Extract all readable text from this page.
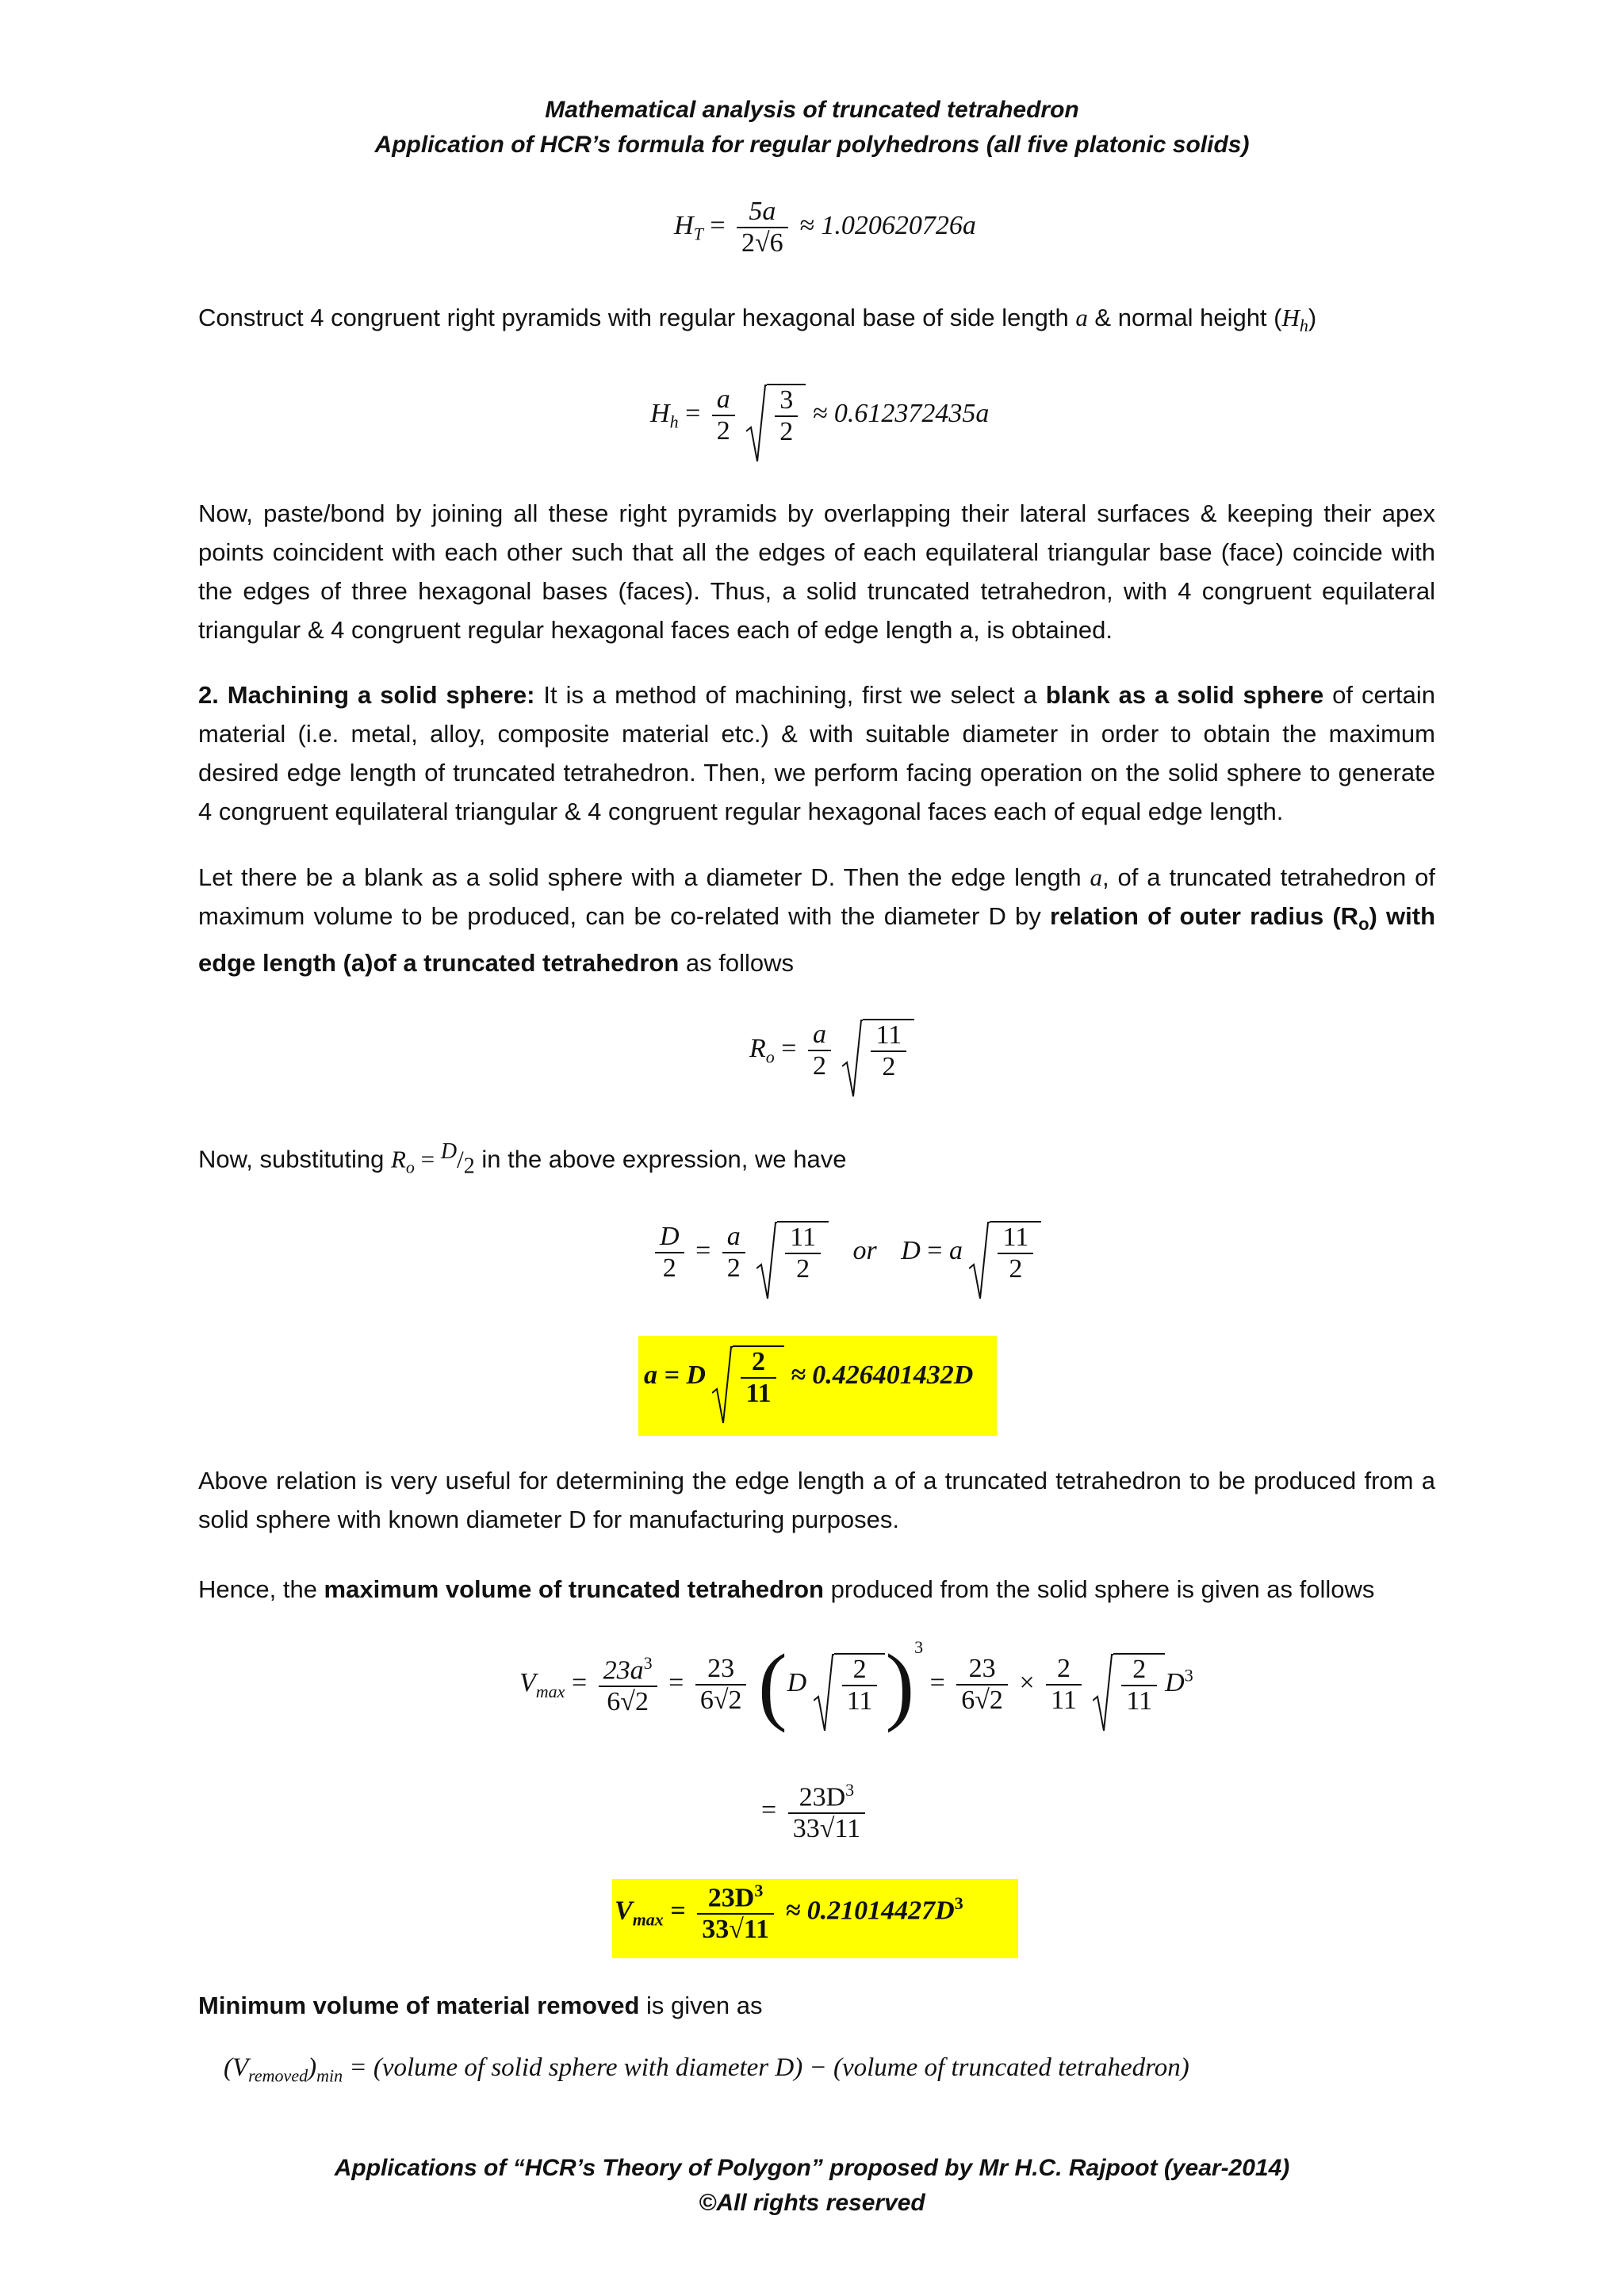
Mathematical analysis of truncated tetrahedron
Application of HCR’s formula for regular polyhedrons (all five platonic solids)
$H_T = \frac{5a}{2√6} \approx 1.020620726a$
Construct 4 congruent right pyramids with regular hexagonal base of side length a & normal height $(H_h)$
$H_h = \frac{a}{2}$
$\frac{3}{2} \approx 0.612372435a$
Now, paste/bond by joining all these right pyramids by overlapping their lateral surfaces & keeping their apex points coincident with each other such that all the edges of each equilateral triangular base (face) coincide with the edges of three hexagonal bases (faces). Thus, a solid truncated tetrahedron, with 4 congruent equilateral triangular & 4 congruent regular hexagonal faces each of edge length a, is obtained.
2. Machining a solid sphere: It is a method of machining, first we select a blank as a solid sphere of certain material (i.e. metal, alloy, composite material etc.) & with suitable diameter in order to obtain the maximum desired edge length of truncated tetrahedron. Then, we perform facing operation on the solid sphere to generate 4 congruent equilateral triangular & 4 congruent regular hexagonal faces each of equal edge length.
Let there be a blank as a solid sphere with a diameter D. Then the edge length a, of a truncated tetrahedron of maximum volume to be produced, can be co-related with the diameter D by relation of outer radius $(R_o)$ with edge length (a)of a truncated tetrahedron as follows
$R_o = \frac{a}{2}$
$\frac{11}{2}$
Now, substituting $R_o = ^D/_2$ in the above expression, we have
$\frac{D}{2} = \frac{a}{2}$
$\frac{11}{2}$ or D = a $\frac{11}{2}$
a = D $\frac{2}{11} \approx 0.426401432D$
Above relation is very useful for determining the edge length a of a truncated tetrahedron to be produced from a solid sphere with known diameter D for manufacturing purposes.
Hence, the maximum volume of truncated tetrahedron produced from the solid sphere is given as follows
$V_{max} = \frac{23a^3}{6√2} = \frac{23}{6√2} (D \frac{2}{11} )^3 = \frac{23}{6√2} \times \frac{2}{11}$
$\frac{2}{11} D^3$
= $\frac{23D^3}{33√11}$
$V_{max} = \frac{23D^3}{33√11} \approx 0.21014427D^3$
Minimum volume of material removed is given as
$(V_{removed})_{min}$ = (volume of solid sphere with diameter D) − (volume of truncated tetrahedron)
Applications of “HCR’s Theory of Polygon” proposed by Mr H.C. Rajpoot (year-2014)
©All rights reserved
